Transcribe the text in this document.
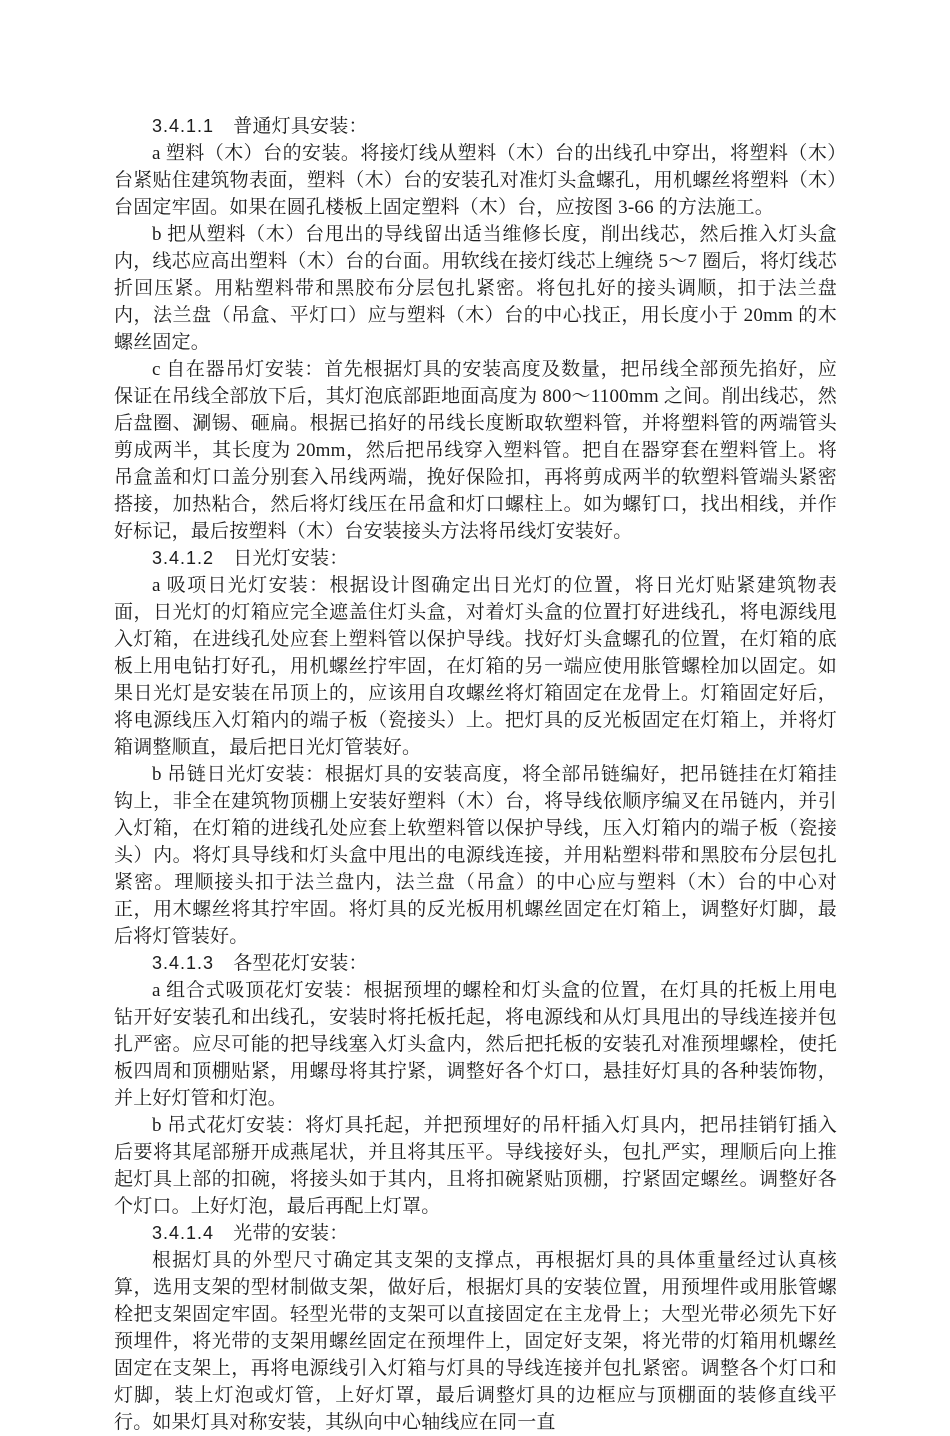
3.4.1.1　 普通灯具安装：

a 塑料（木）台的安装。将接灯线从塑料（木）台的出线孔中穿出，将塑料（木）台紧贴住建筑物表面，塑料（木）台的安装孔对准灯头盒螺孔，用机螺丝将塑料（木）台固定牢固。如果在圆孔楼板上固定塑料（木）台，应按图 3-66 的方法施工。

b 把从塑料（木）台甩出的导线留出适当维修长度，削出线芯，然后推入灯头盒内，线芯应高出塑料（木）台的台面。用软线在接灯线芯上缠绕 5～7 圈后，将灯线芯折回压紧。用粘塑料带和黑胶布分层包扎紧密。将包扎好的接头调顺，扣于法兰盘内，法兰盘（吊盒、平灯口）应与塑料（木）台的中心找正，用长度小于 20mm 的木螺丝固定。

c 自在器吊灯安装：首先根据灯具的安装高度及数量，把吊线全部预先掐好，应保证在吊线全部放下后，其灯泡底部距地面高度为 800～1100mm 之间。削出线芯，然后盘圈、涮锡、砸扁。根据已掐好的吊线长度断取软塑料管，并将塑料管的两端管头剪成两半，其长度为 20mm，然后把吊线穿入塑料管。把自在器穿套在塑料管上。将吊盒盖和灯口盖分别套入吊线两端，挽好保险扣，再将剪成两半的软塑料管端头紧密搭接，加热粘合，然后将灯线压在吊盒和灯口螺柱上。如为螺钉口，找出相线，并作好标记，最后按塑料（木）台安装接头方法将吊线灯安装好。

3.4.1.2　 日光灯安装：

a 吸项日光灯安装：根据设计图确定出日光灯的位置，将日光灯贴紧建筑物表面，日光灯的灯箱应完全遮盖住灯头盒，对着灯头盒的位置打好进线孔，将电源线甩入灯箱，在进线孔处应套上塑料管以保护导线。找好灯头盒螺孔的位置，在灯箱的底板上用电钻打好孔，用机螺丝拧牢固，在灯箱的另一端应使用胀管螺栓加以固定。如果日光灯是安装在吊顶上的，应该用自攻螺丝将灯箱固定在龙骨上。灯箱固定好后，将电源线压入灯箱内的端子板（瓷接头）上。把灯具的反光板固定在灯箱上，并将灯箱调整顺直，最后把日光灯管装好。

b 吊链日光灯安装：根据灯具的安装高度，将全部吊链编好，把吊链挂在灯箱挂钩上，非全在建筑物顶棚上安装好塑料（木）台，将导线依顺序编叉在吊链内，并引入灯箱，在灯箱的进线孔处应套上软塑料管以保护导线，压入灯箱内的端子板（瓷接头）内。将灯具导线和灯头盒中甩出的电源线连接，并用粘塑料带和黑胶布分层包扎紧密。理顺接头扣于法兰盘内，法兰盘（吊盒）的中心应与塑料（木）台的中心对正，用木螺丝将其拧牢固。将灯具的反光板用机螺丝固定在灯箱上，调整好灯脚，最后将灯管装好。

3.4.1.3　 各型花灯安装：

a 组合式吸顶花灯安装：根据预埋的螺栓和灯头盒的位置，在灯具的托板上用电钻开好安装孔和出线孔，安装时将托板托起，将电源线和从灯具甩出的导线连接并包扎严密。应尽可能的把导线塞入灯头盒内，然后把托板的安装孔对准预埋螺栓，使托板四周和顶棚贴紧，用螺母将其拧紧，调整好各个灯口，悬挂好灯具的各种装饰物，并上好灯管和灯泡。

b 吊式花灯安装：将灯具托起，并把预埋好的吊杆插入灯具内，把吊挂销钉插入后要将其尾部掰开成燕尾状，并且将其压平。导线接好头，包扎严实，理顺后向上推起灯具上部的扣碗，将接头如于其内，且将扣碗紧贴顶棚，拧紧固定螺丝。调整好各个灯口。上好灯泡，最后再配上灯罩。

3.4.1.4　 光带的安装：

根据灯具的外型尺寸确定其支架的支撑点，再根据灯具的具体重量经过认真核算，选用支架的型材制做支架，做好后，根据灯具的安装位置，用预埋件或用胀管螺栓把支架固定牢固。轻型光带的支架可以直接固定在主龙骨上；大型光带必须先下好预埋件，将光带的支架用螺丝固定在预埋件上，固定好支架，将光带的灯箱用机螺丝固定在支架上，再将电源线引入灯箱与灯具的导线连接并包扎紧密。调整各个灯口和灯脚，装上灯泡或灯管，上好灯罩，最后调整灯具的边框应与顶棚面的装修直线平行。如果灯具对称安装，其纵向中心轴线应在同一直
